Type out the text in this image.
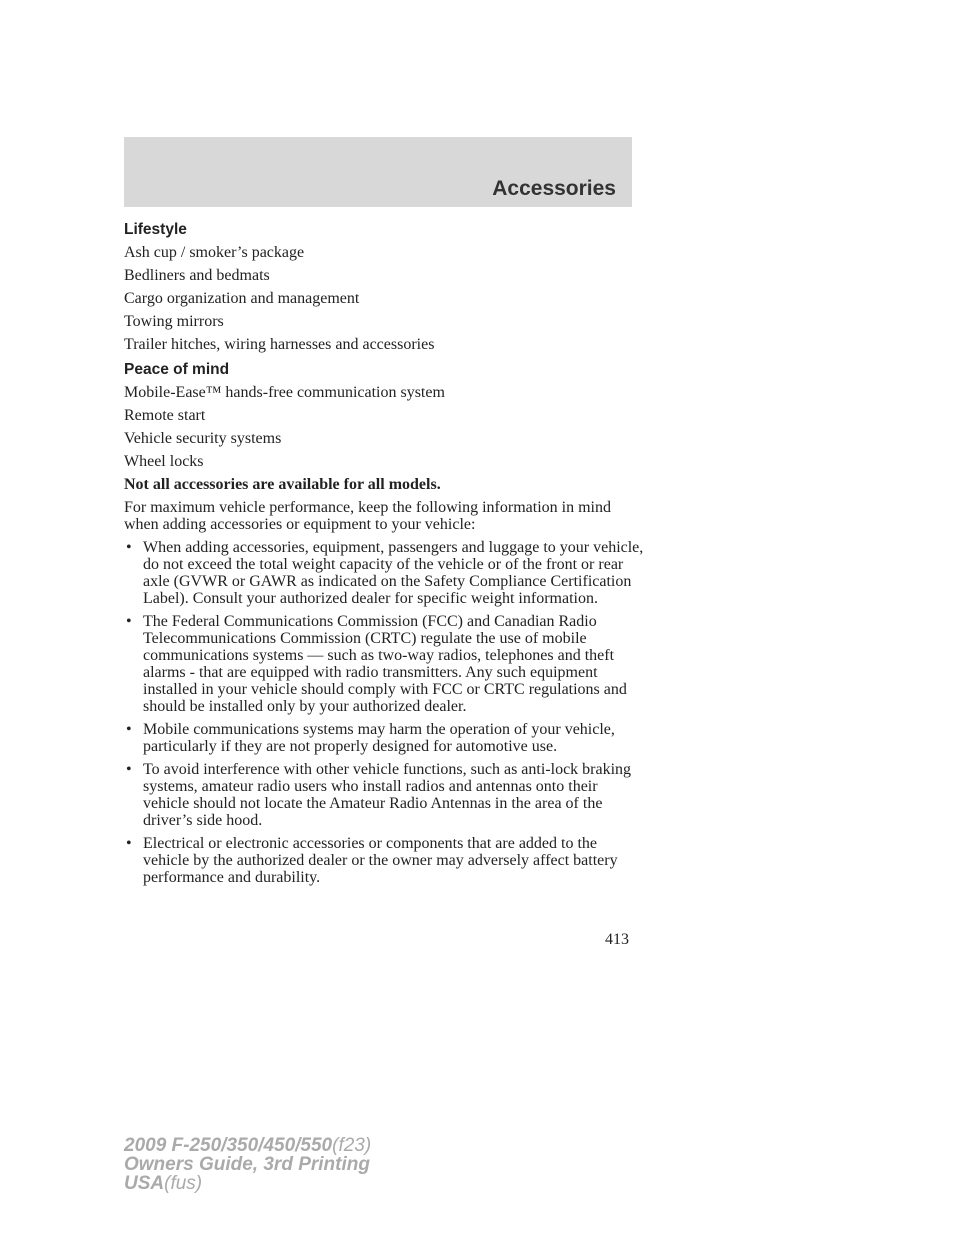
Accessories
Lifestyle
Ash cup / smoker’s package
Bedliners and bedmats
Cargo organization and management
Towing mirrors
Trailer hitches, wiring harnesses and accessories
Peace of mind
Mobile-Ease™ hands-free communication system
Remote start
Vehicle security systems
Wheel locks
Not all accessories are available for all models.
For maximum vehicle performance, keep the following information in mind when adding accessories or equipment to your vehicle:
• When adding accessories, equipment, passengers and luggage to your vehicle, do not exceed the total weight capacity of the vehicle or of the front or rear axle (GVWR or GAWR as indicated on the Safety Compliance Certification Label). Consult your authorized dealer for specific weight information.
• The Federal Communications Commission (FCC) and Canadian Radio Telecommunications Commission (CRTC) regulate the use of mobile communications systems — such as two-way radios, telephones and theft alarms - that are equipped with radio transmitters. Any such equipment installed in your vehicle should comply with FCC or CRTC regulations and should be installed only by your authorized dealer.
• Mobile communications systems may harm the operation of your vehicle, particularly if they are not properly designed for automotive use.
• To avoid interference with other vehicle functions, such as anti-lock braking systems, amateur radio users who install radios and antennas onto their vehicle should not locate the Amateur Radio Antennas in the area of the driver’s side hood.
• Electrical or electronic accessories or components that are added to the vehicle by the authorized dealer or the owner may adversely affect battery performance and durability.
413
2009 F-250/350/450/550(f23)
Owners Guide, 3rd Printing
USA(fus)
